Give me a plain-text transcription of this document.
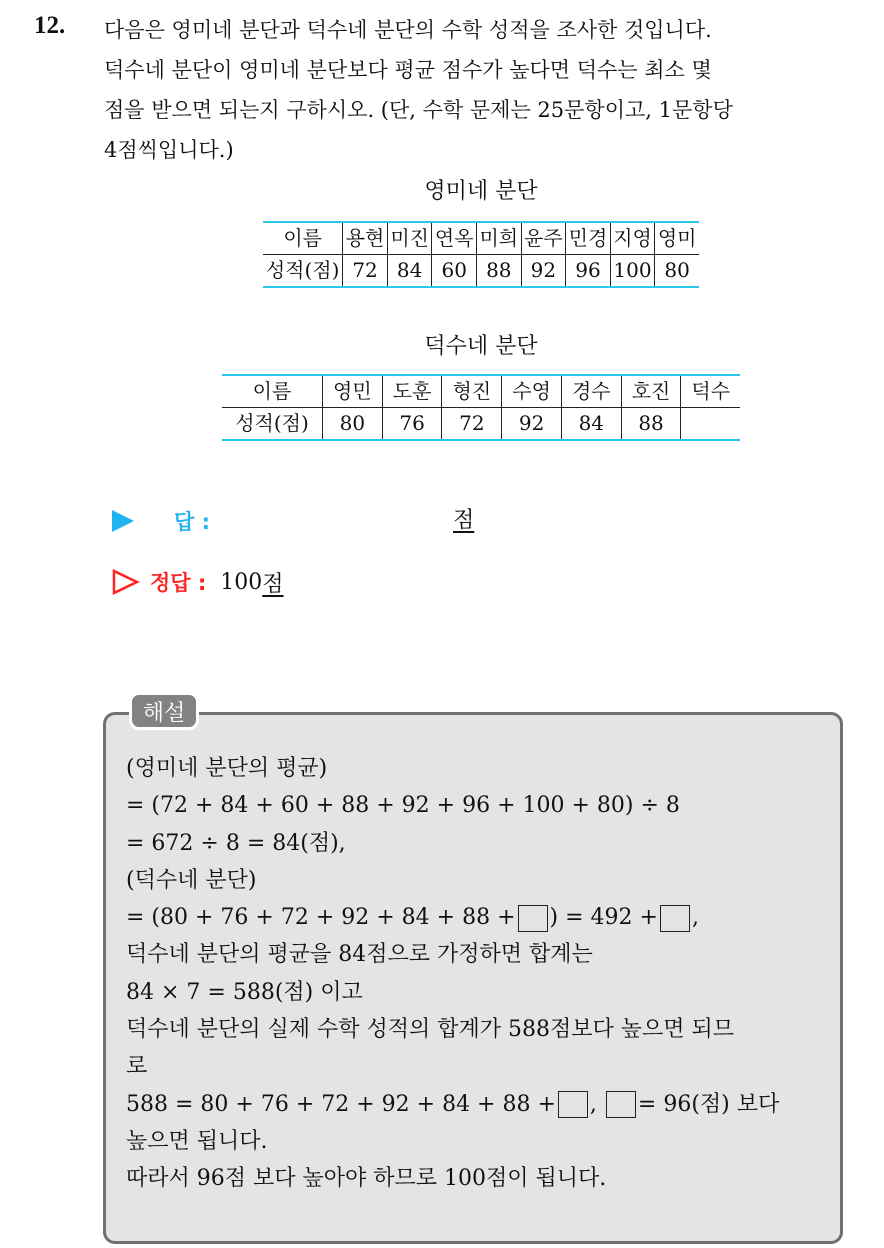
12. 다음은 영미네 분단과 덕수네 분단의 수학 성적을 조사한 것입니다.
덕수네 분단이 영미네 분단보다 평균 점수가 높다면 덕수는 최소 몇
점을 받으면 되는지 구하시오. (단, 수학 문제는 25문항이고, 1문항당
4점씩입니다.)
영미네 분단
이름	용현	미진	연옥	미희	윤주	민경	지영	영미
성적(점)	72	84	60	88	92	96	100	80
덕수네 분단
이름	영민	도훈	형진	수영	경수	호진	덕수
성적(점)	80	76	72	92	84	88	
답 :	점
정답 : 100 점
해설
(영미네 분단의 평균)
= (72 + 84 + 60 + 88 + 92 + 96 + 100 + 80) ÷ 8
= 672 ÷ 8 = 84(점),
(덕수네 분단)
= (80 + 76 + 72 + 92 + 84 + 88 + ) = 492 + ,
덕수네 분단의 평균을 84점으로 가정하면 합계는
84 × 7 = 588(점) 이고
덕수네 분단의 실제 수학 성적의 합계가 588점보다 높으면 되므
로
588 = 80 + 76 + 72 + 92 + 84 + 88 + , = 96(점) 보다
높으면 됩니다.
따라서 96점 보다 높아야 하므로 100점이 됩니다.
